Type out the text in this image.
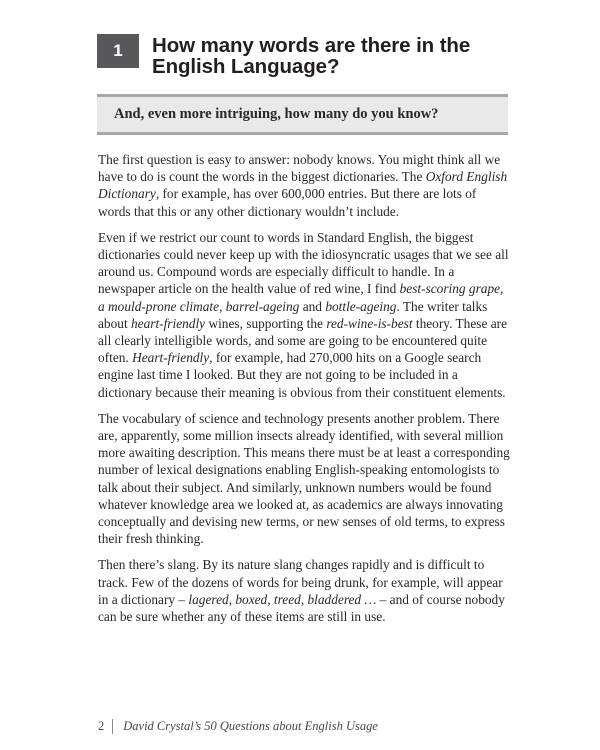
1	How many words are there in the English Language?

And, even more intriguing, how many do you know?

The first question is easy to answer: nobody knows. You might think all we have to do is count the words in the biggest dictionaries. The Oxford English Dictionary, for example, has over 600,000 entries. But there are lots of words that this or any other dictionary wouldn’t include.

Even if we restrict our count to words in Standard English, the biggest dictionaries could never keep up with the idiosyncratic usages that we see all around us. Compound words are especially difficult to handle. In a newspaper article on the health value of red wine, I find best-scoring grape, a mould-prone climate, barrel-ageing and bottle-ageing. The writer talks about heart-friendly wines, supporting the red-wine-is-best theory. These are all clearly intelligible words, and some are going to be encountered quite often. Heart-friendly, for example, had 270,000 hits on a Google search engine last time I looked. But they are not going to be included in a dictionary because their meaning is obvious from their constituent elements.

The vocabulary of science and technology presents another problem. There are, apparently, some million insects already identified, with several million more awaiting description. This means there must be at least a corresponding number of lexical designations enabling English-speaking entomologists to talk about their subject. And similarly, unknown numbers would be found whatever knowledge area we looked at, as academics are always innovating conceptually and devising new terms, or new senses of old terms, to express their fresh thinking.

Then there’s slang. By its nature slang changes rapidly and is difficult to track. Few of the dozens of words for being drunk, for example, will appear in a dictionary – lagered, boxed, treed, bladdered … – and of course nobody can be sure whether any of these items are still in use.

2 David Crystal’s 50 Questions about English Usage
